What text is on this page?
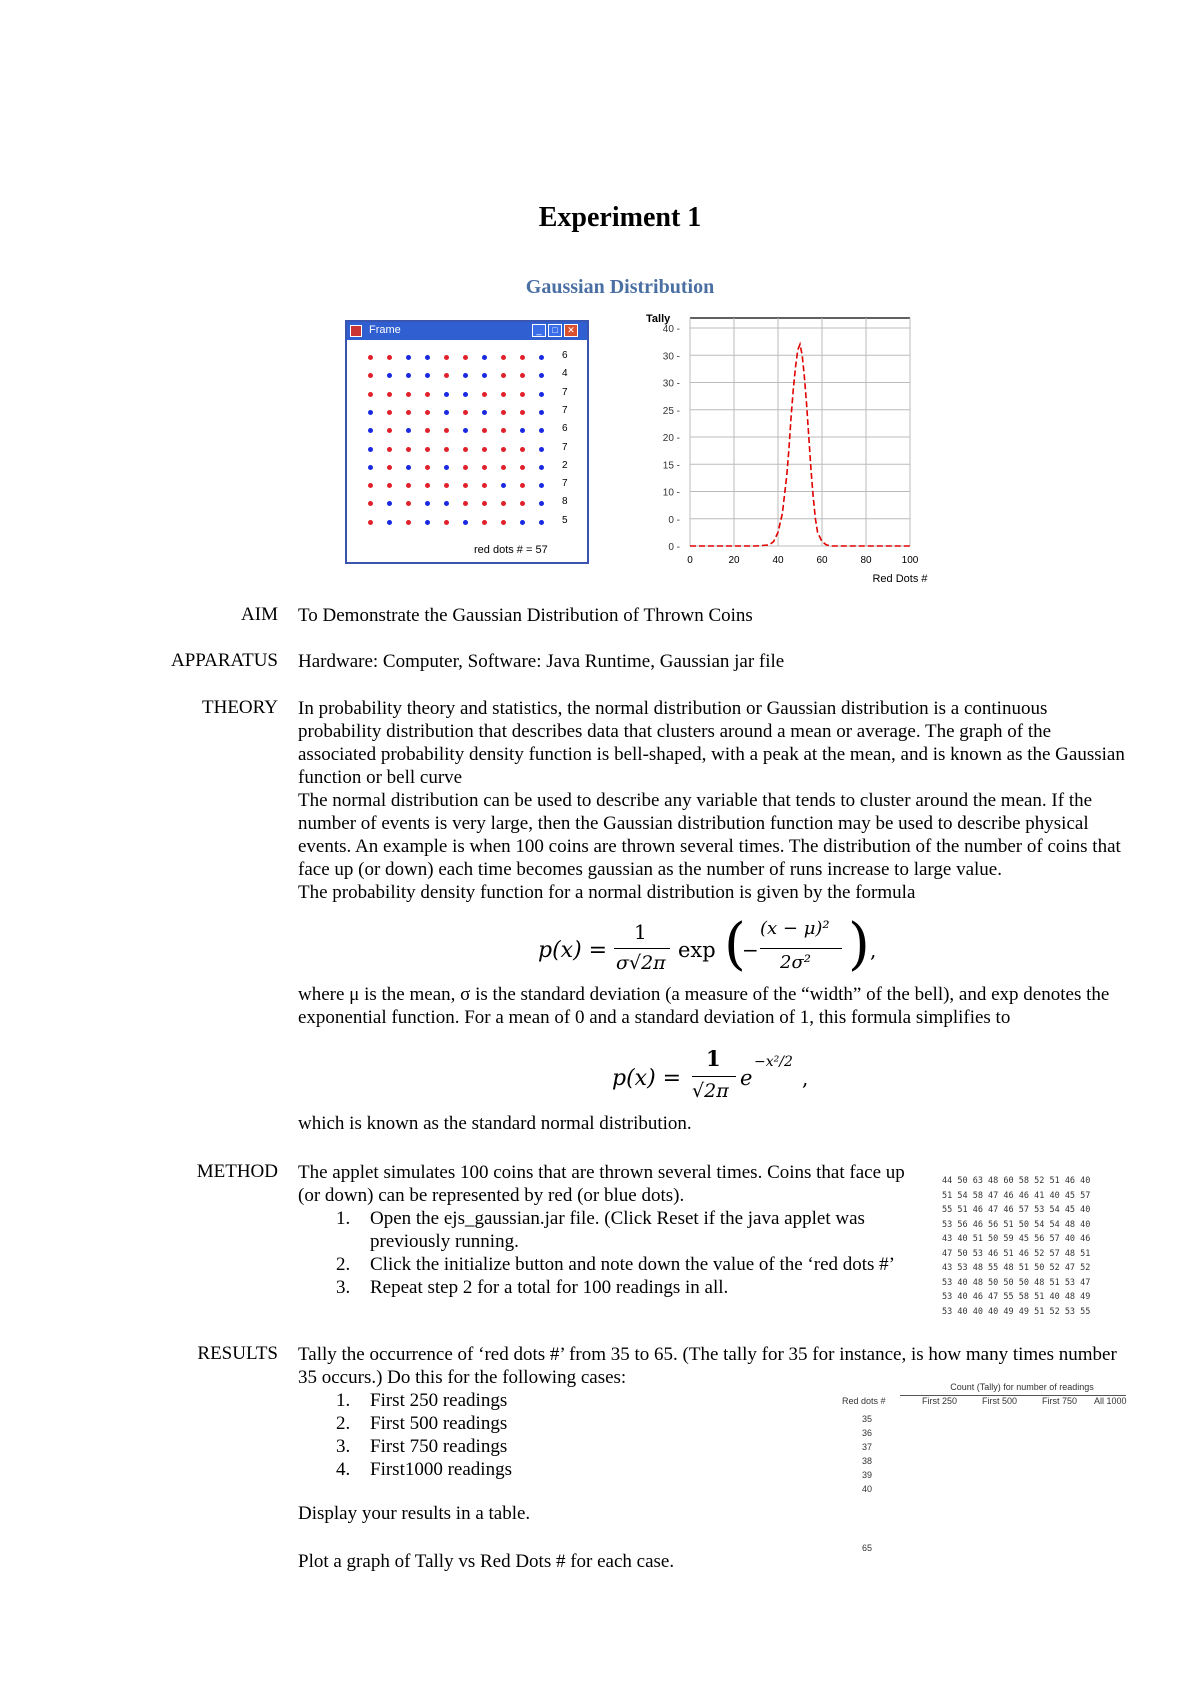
Experiment 1
Gaussian Distribution
Frame	_	□	✕
6
4
7
7
6
7
2
7
8
5
red dots # = 57	0 -
0 -
10 -
15 -
20 -
25 -
30 -
30 -
40 -
0	20	40	60	80	100
Tally
Red Dots #
AIM To Demonstrate the Gaussian Distribution of Thrown Coins
APPARATUS Hardware: Computer, Software: Java Runtime, Gaussian jar file
THEORY In probability theory and statistics, the normal distribution or Gaussian distribution is a continuous probability distribution that describes data that clusters around a mean or average. The graph of the associated probability density function is bell-shaped, with a peak at the mean, and is known as the Gaussian function or bell curve

The normal distribution can be used to describe any variable that tends to cluster around the mean. If the number of events is very large, then the Gaussian distribution function may be used to describe physical events. An example is when 100 coins are thrown several times. The distribution of the number of coins that face up (or down) each time becomes gaussian as the number of runs increase to large value.

The probability density function for a normal distribution is given by the formula

p(x) =
1
σ√2π
exp (
−
(x − μ)²
2σ² ) ,

where μ is the mean, σ is the standard deviation (a measure of the “width” of the bell), and exp denotes the exponential function. For a mean of 0 and a standard deviation of 1, this formula simplifies to

p(x) =
1
√2π
e
−x²/2
,

which is known as the standard normal distribution.

METHOD The applet simulates 100 coins that are thrown several times. Coins that face up (or down) can be represented by red (or blue dots).

1. Open the ejs_gaussian.jar file. (Click Reset if the java applet was previously running.
2. Click the initialize button and note down the value of the ‘red dots #’
3. Repeat step 2 for a total for 100 readings in all.
44 50 63 48 60 58 52 51 46 40
51 54 58 47 46 46 41 40 45 57
55 51 46 47 46 57 53 54 45 40
53 56 46 56 51 50 54 54 48 40
43 40 51 50 59 45 56 57 40 46
47 50 53 46 51 46 52 57 48 51
43 53 48 55 48 51 50 52 47 52
53 40 48 50 50 50 48 51 53 47
53 40 46 47 55 58 51 40 48 49
53 40 40 40 49 49 51 52 53 55
RESULTS Tally the occurrence of ‘red dots #’ from 35 to 65. (The tally for 35 for instance, is how many times number 35 occurs.) Do this for the following cases:

1. First 250 readings
2. First 500 readings
3. First 750 readings
4. First1000 readings
Display your results in a table.
Plot a graph of Tally vs Red Dots # for each case.
Count (Tally) for number of readings
Red dots #	First 250	First 500	First 750 All 1000
35
36
37
38
39
40
65
